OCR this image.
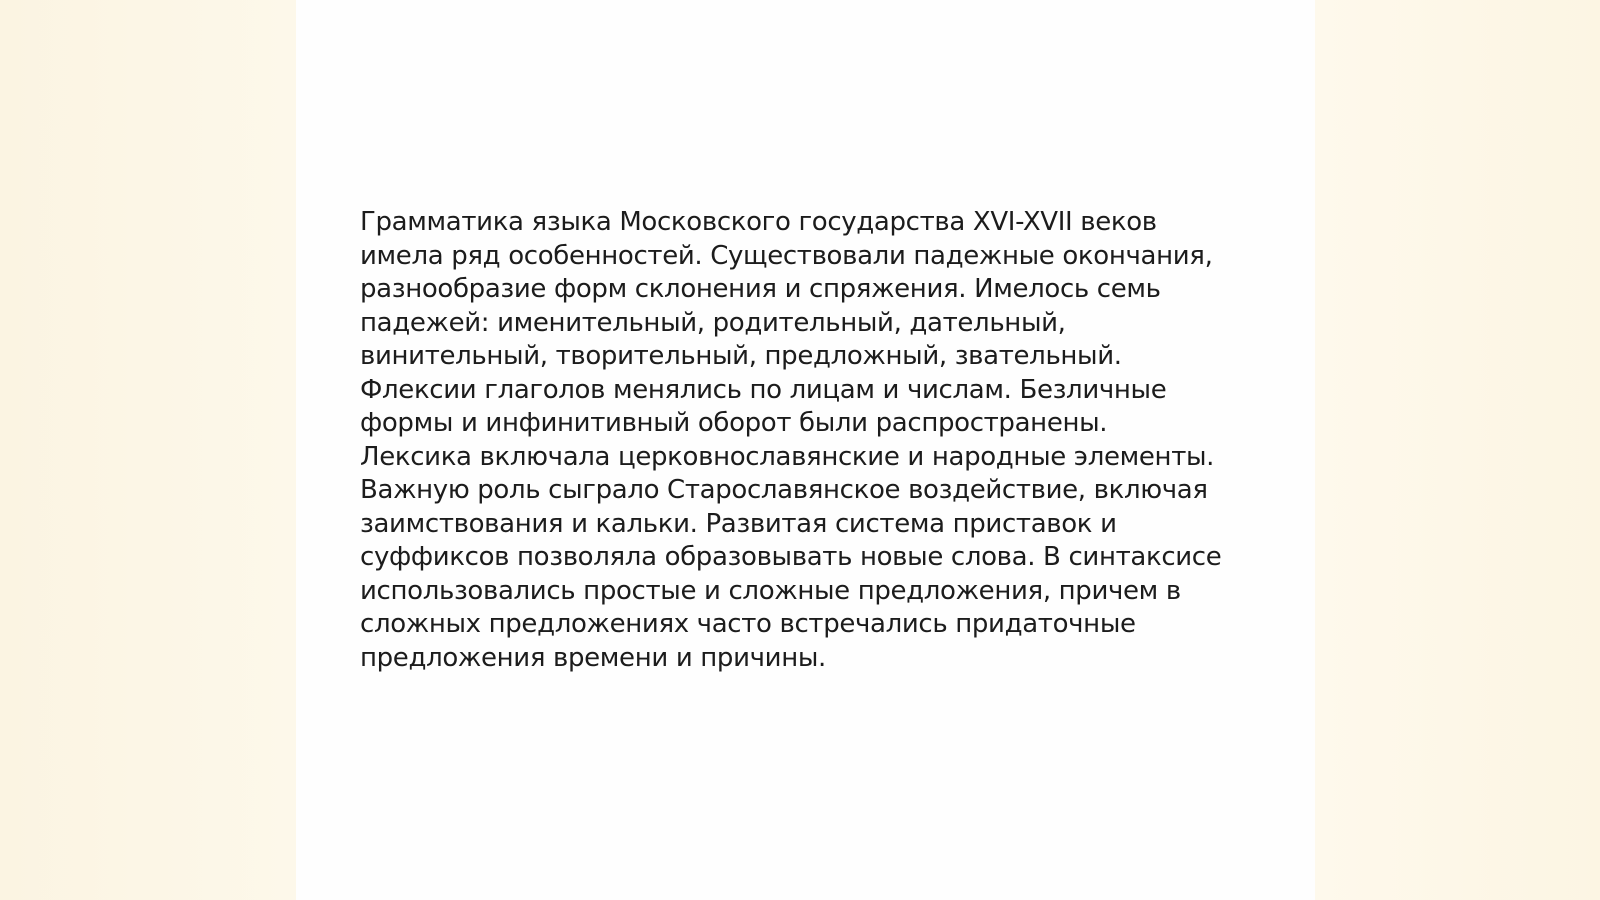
Грамматика языка Московского государства XVI-XVII веков
имела ряд особенностей. Существовали падежные окончания,
разнообразие форм склонения и спряжения. Имелось семь
падежей: именительный, родительный, дательный,
винительный, творительный, предложный, звательный.
Флексии глаголов менялись по лицам и числам. Безличные
формы и инфинитивный оборот были распространены.
Лексика включала церковнославянские и народные элементы.
Важную роль сыграло Старославянское воздействие, включая
заимствования и кальки. Развитая система приставок и
суффиксов позволяла образовывать новые слова. В синтаксисе
использовались простые и сложные предложения, причем в
сложных предложениях часто встречались придаточные
предложения времени и причины.
